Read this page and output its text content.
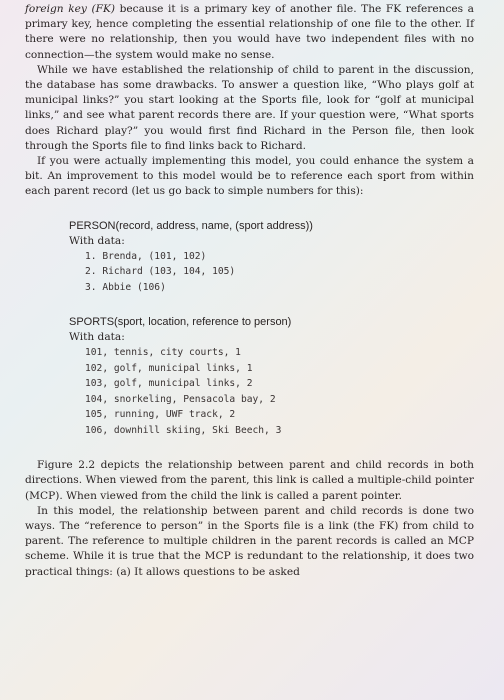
foreign key (FK) because it is a primary key of another file. The FK references a primary key, hence completing the essential relationship of one file to the other. If there were no relationship, then you would have two independent files with no connection—the system would make no sense.

While we have established the relationship of child to parent in the discussion, the database has some drawbacks. To answer a question like, “Who plays golf at municipal links?” you start looking at the Sports file, look for “golf at municipal links,” and see what parent records there are. If your question were, “What sports does Richard play?” you would first find Richard in the Person file, then look through the Sports file to find links back to Richard.

If you were actually implementing this model, you could enhance the system a bit. An improvement to this model would be to reference each sport from within each parent record (let us go back to simple numbers for this):

PERSON(record, address, name, (sport address))
With data:
1. Brenda, (101, 102)
2. Richard (103, 104, 105)
3. Abbie (106)
SPORTS(sport, location, reference to person)
With data:
101, tennis, city courts, 1
102, golf, municipal links, 1
103, golf, municipal links, 2
104, snorkeling, Pensacola bay, 2
105, running, UWF track, 2
106, downhill skiing, Ski Beech, 3

Figure 2.2 depicts the relationship between parent and child records in both directions. When viewed from the parent, this link is called a multiple-child pointer (MCP). When viewed from the child the link is called a parent pointer.

In this model, the relationship between parent and child records is done two ways. The “reference to person” in the Sports file is a link (the FK) from child to parent. The reference to multiple children in the parent records is called an MCP scheme. While it is true that the MCP is redundant to the relationship, it does two practical things: (a) It allows questions to be asked
